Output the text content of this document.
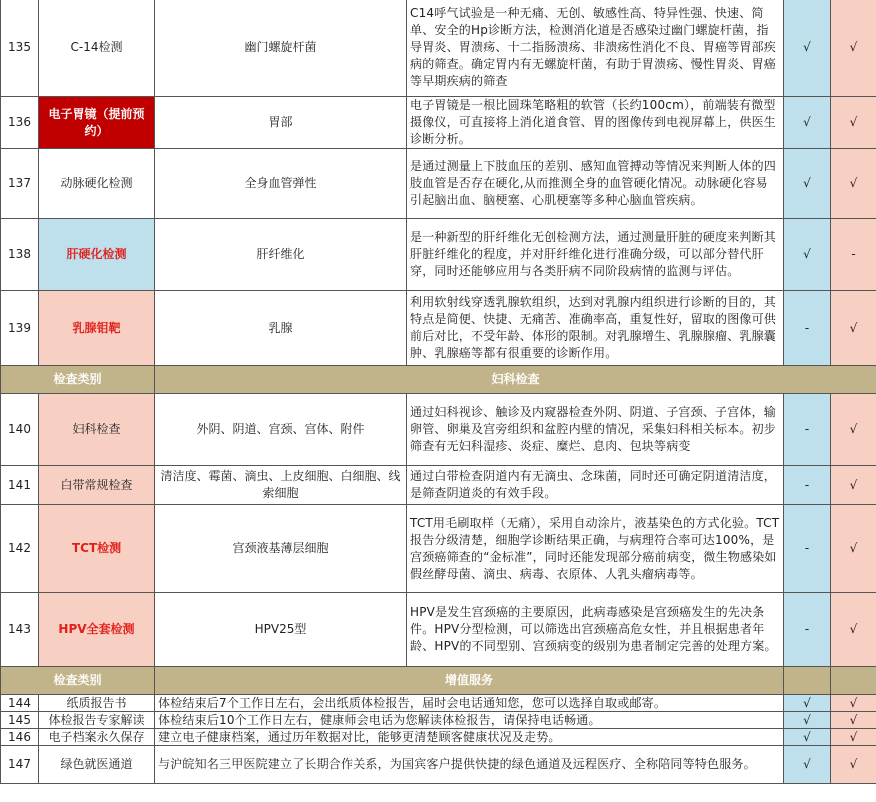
135	C-14检测	幽门螺旋杆菌	C14呼气试验是一种无痛、无创、敏感性高、特异性强、快速、简单、安全的Hp诊断方法，检测消化道是否感染过幽门螺旋杆菌，指导胃炎、胃溃疡、十二指肠溃疡、非溃疡性消化不良、胃癌等胃部疾病的筛查。确定胃内有无螺旋杆菌，有助于胃溃疡、慢性胃炎、胃癌等早期疾病的筛查	√	√
136	电子胃镜（提前预约）	胃部	电子胃镜是一根比圆珠笔略粗的软管（长约100cm），前端装有微型摄像仪，可直接将上消化道食管、胃的图像传到电视屏幕上，供医生诊断分析。	√	√
137	动脉硬化检测	全身血管弹性	是通过测量上下肢血压的差别、感知血管搏动等情况来判断人体的四肢血管是否存在硬化,从而推测全身的血管硬化情况。动脉硬化容易引起脑出血、脑梗塞、心肌梗塞等多种心脑血管疾病。	√	√
138	肝硬化检测	肝纤维化	是一种新型的肝纤维化无创检测方法，通过测量肝脏的硬度来判断其肝脏纤维化的程度，并对肝纤维化进行准确分级，可以部分替代肝穿，同时还能够应用与各类肝病不同阶段病情的监测与评估。	√	-
139	乳腺钼靶	乳腺	利用软射线穿透乳腺软组织，达到对乳腺内组织进行诊断的目的，其特点是简便、快捷、无痛苦、准确率高，重复性好，留取的图像可供前后对比，不受年龄、体形的限制。对乳腺增生、乳腺腺瘤、乳腺囊肿、乳腺癌等都有很重要的诊断作用。	-	√
检查类别		妇科检查			
140	妇科检查	外阴、阴道、宫颈、宫体、附件	通过妇科视诊、触诊及内窥器检查外阴、阴道、子宫颈、子宫体，输卵管、卵巢及宫旁组织和盆腔内壁的情况，采集妇科相关标本。初步筛查有无妇科湿疹、炎症、糜烂、息肉、包块等病变	-	√
141	白带常规检查	清洁度、霉菌、滴虫、上皮细胞、白细胞、线索细胞	通过白带检查阴道内有无滴虫、念珠菌，同时还可确定阴道清洁度，是筛查阴道炎的有效手段。	-	√
142	TCT检测	宫颈液基薄层细胞	TCT用毛刷取样（无痛），采用自动涂片，液基染色的方式化验。TCT报告分级清楚，细胞学诊断结果正确，与病理符合率可达100%，是宫颈癌筛查的“金标准”，同时还能发现部分癌前病变，微生物感染如假丝酵母菌、滴虫、病毒、衣原体、人乳头瘤病毒等。	-	√
143	HPV全套检测	HPV25型	HPV是发生宫颈癌的主要原因，此病毒感染是宫颈癌发生的先决条件。HPV分型检测，可以筛选出宫颈癌高危女性，并且根据患者年龄、HPV的不同型别、宫颈病变的级别为患者制定完善的处理方案。	-	√
检查类别		增值服务			
144	纸质报告书	体检结束后7个工作日左右，会出纸质体检报告，届时会电话通知您，您可以选择自取或邮寄。		√	√
145	体检报告专家解读	体检结束后10个工作日左右，健康师会电话为您解读体检报告，请保持电话畅通。		√	√
146	电子档案永久保存	建立电子健康档案，通过历年数据对比，能够更清楚顾客健康状况及走势。		√	√
147	绿色就医通道	与沪皖知名三甲医院建立了长期合作关系，为国宾客户提供快捷的绿色通道及远程医疗、全称陪同等特色服务。		√	√
